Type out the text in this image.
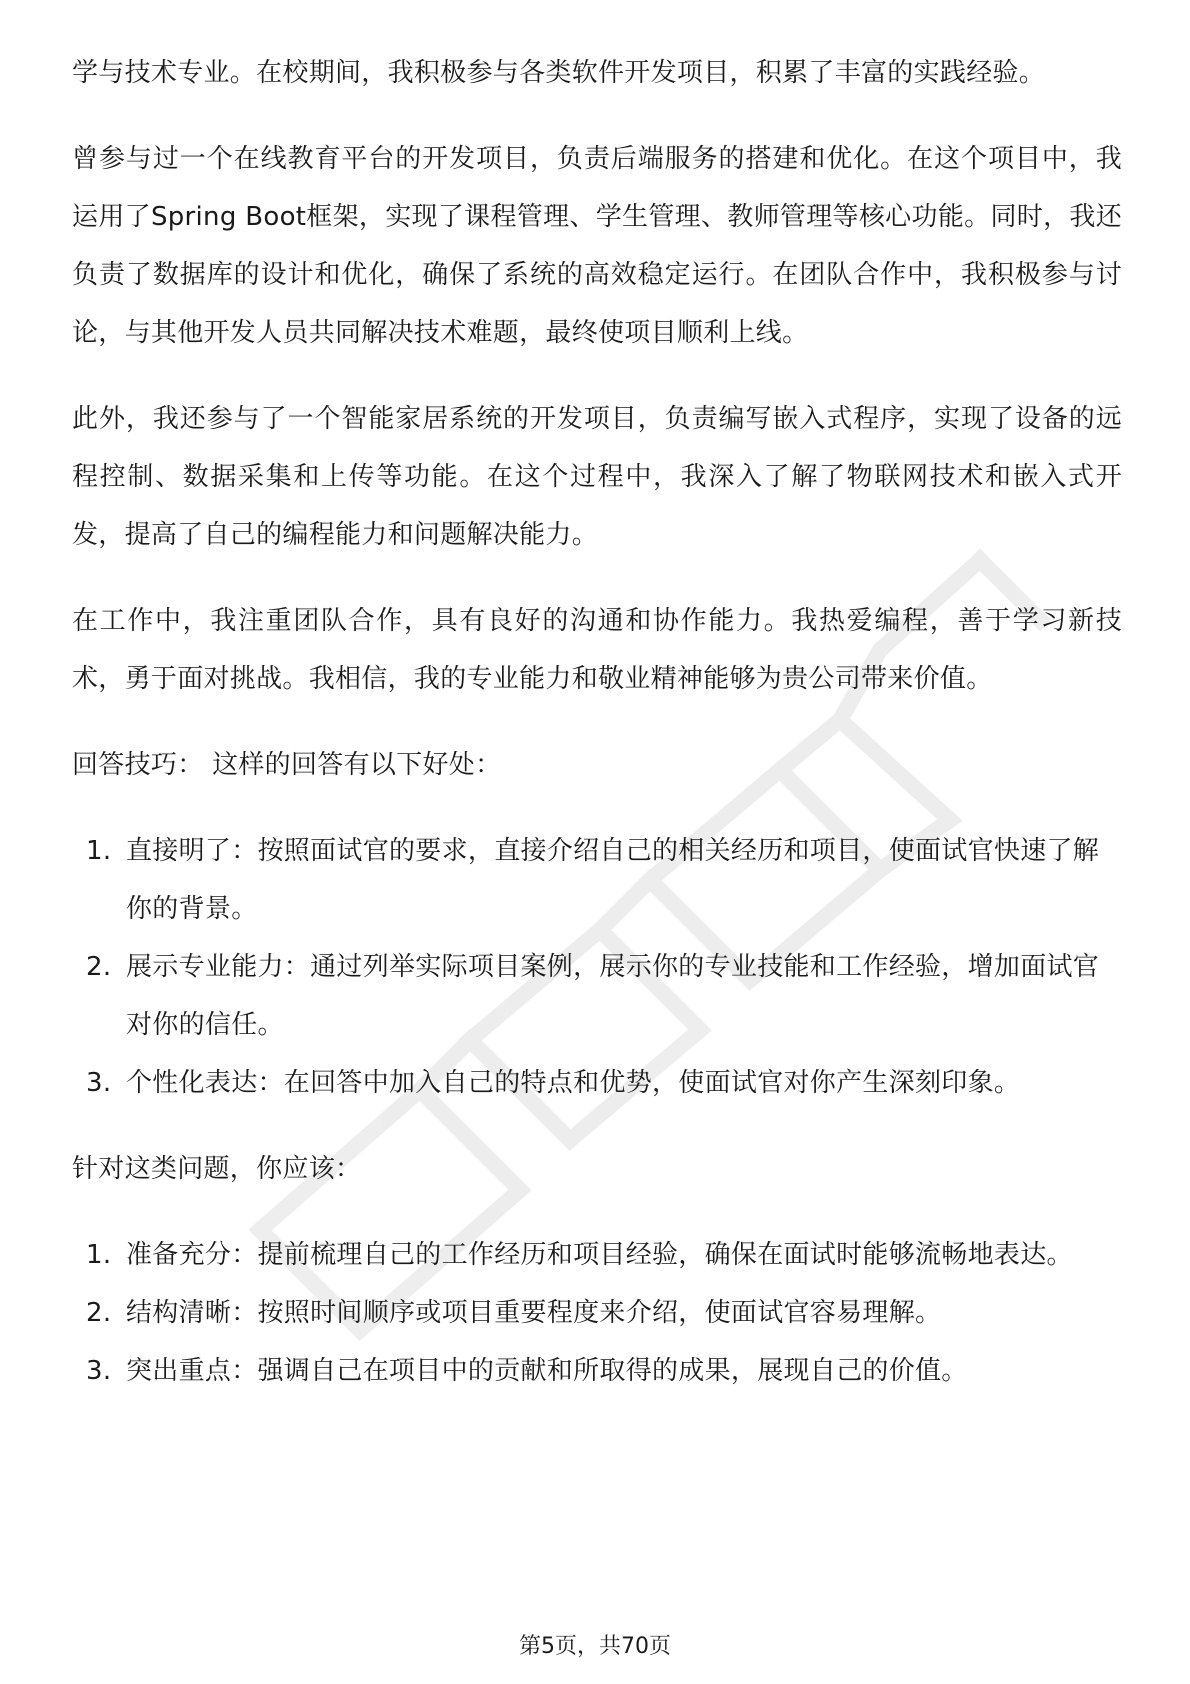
学与技术专业。在校期间，我积极参与各类软件开发项目，积累了丰富的实践经验。

曾参与过一个在线教育平台的开发项目，负责后端服务的搭建和优化。在这个项目中，我运用了Spring Boot框架，实现了课程管理、学生管理、教师管理等核心功能。同时，我还负责了数据库的设计和优化，确保了系统的高效稳定运行。在团队合作中，我积极参与讨论，与其他开发人员共同解决技术难题，最终使项目顺利上线。

此外，我还参与了一个智能家居系统的开发项目，负责编写嵌入式程序，实现了设备的远程控制、数据采集和上传等功能。在这个过程中，我深入了解了物联网技术和嵌入式开发，提高了自己的编程能力和问题解决能力。

在工作中，我注重团队合作，具有良好的沟通和协作能力。我热爱编程，善于学习新技术，勇于面对挑战。我相信，我的专业能力和敬业精神能够为贵公司带来价值。

回答技巧： 这样的回答有以下好处：

1. 直接明了：按照面试官的要求，直接介绍自己的相关经历和项目，使面试官快速了解你的背景。
2. 展示专业能力：通过列举实际项目案例，展示你的专业技能和工作经验，增加面试官对你的信任。
3. 个性化表达：在回答中加入自己的特点和优势，使面试官对你产生深刻印象。

针对这类问题，你应该：

1. 准备充分：提前梳理自己的工作经历和项目经验，确保在面试时能够流畅地表达。
2. 结构清晰：按照时间顺序或项目重要程度来介绍，使面试官容易理解。
3. 突出重点：强调自己在项目中的贡献和所取得的成果，展现自己的价值。
第5页，共70页
